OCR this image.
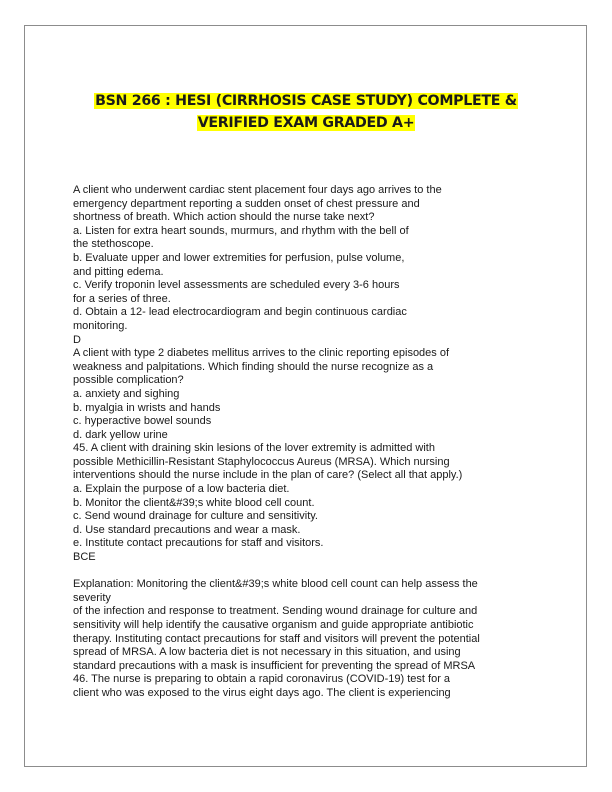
BSN 266 : HESI (CIRRHOSIS CASE STUDY) COMPLETE &
VERIFIED EXAM GRADED A+
A client who underwent cardiac stent placement four days ago arrives to the
emergency department reporting a sudden onset of chest pressure and
shortness of breath. Which action should the nurse take next?
a. Listen for extra heart sounds, murmurs, and rhythm with the bell of
the stethoscope.
b. Evaluate upper and lower extremities for perfusion, pulse volume,
and pitting edema.
c. Verify troponin level assessments are scheduled every 3-6 hours
for a series of three.
d. Obtain a 12- lead electrocardiogram and begin continuous cardiac
monitoring.
D
A client with type 2 diabetes mellitus arrives to the clinic reporting episodes of
weakness and palpitations. Which finding should the nurse recognize as a
possible complication?
a. anxiety and sighing
b. myalgia in wrists and hands
c. hyperactive bowel sounds
d. dark yellow urine
45. A client with draining skin lesions of the lover extremity is admitted with
possible Methicillin-Resistant Staphylococcus Aureus (MRSA). Which nursing
interventions should the nurse include in the plan of care? (Select all that apply.)
a. Explain the purpose of a low bacteria diet.
b. Monitor the client&#39;s white blood cell count.
c. Send wound drainage for culture and sensitivity.
d. Use standard precautions and wear a mask.
e. Institute contact precautions for staff and visitors.
BCE
Explanation: Monitoring the client&#39;s white blood cell count can help assess the
severity
of the infection and response to treatment. Sending wound drainage for culture and
sensitivity will help identify the causative organism and guide appropriate antibiotic
therapy. Instituting contact precautions for staff and visitors will prevent the potential
spread of MRSA. A low bacteria diet is not necessary in this situation, and using
standard precautions with a mask is insufficient for preventing the spread of MRSA
46. The nurse is preparing to obtain a rapid coronavirus (COVID-19) test for a
client who was exposed to the virus eight days ago. The client is experiencing
